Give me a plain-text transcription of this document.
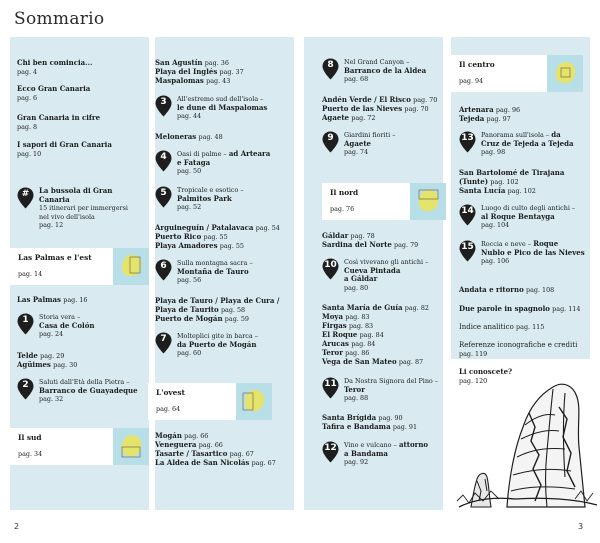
Sommario
Chi ben comincia...
pag. 4
Ecco Gran Canaria
pag. 6
Gran Canaria in cifre
pag. 8
I sapori di Gran Canaria
pag. 10
#	La bussola di Gran Canaria
15 itinerari per immergersi
nel vivo dell'isola
pag. 12
Las Palmas e l'est
pag. 14
Las Palmas pag. 16
1	Storia vera –
Casa de Colón
pag. 24
Telde pag. 29
Agüimes pag. 30
2	Saluti dall'Età della Pietra –
Barranco de Guayadeque
pag. 32
Il sud
pag. 34
San Agustín pag. 36
Playa del Inglés pag. 37
Maspalomas pag. 43
3	All'estremo sud dell'isola –
le dune di Maspalomas
pag. 44
Meloneras pag. 48
4	Oasi di palme – ad Arteara
e Fataga
pag. 50
5	Tropicale e esotico –
Palmitos Park
pag. 52
Arguineguín / Patalavaca pag. 54
Puerto Rico pag. 55
Playa Amadores pag. 55
6	Sulla montagna sacra –
Montaña de Tauro
pag. 56
Playa de Tauro / Playa de Cura /
Playa de Taurito pag. 58
Puerto de Mogán pag. 59
7	Molteplici gite in barca –
da Puerto de Mogán
pag. 60
L'ovest
pag. 64
Mogán pag. 66
Veneguera pag. 66
Tasarte / Tasartico pag. 67
La Aldea de San Nicolás pag. 67
8	Nel Grand Canyon –
Barranco de la Aldea
pag. 68
Andén Verde / El Risco pag. 70
Puerto de las Nieves pag. 70
Agaete pag. 72
9	Giardini fioriti –
Agaete
pag. 74
Il nord
pag. 76
Gáldar pag. 78
Sardina del Norte pag. 79
10	Così vivevano gli antichi –
Cueva Pintada
a Gáldar
pag. 80
Santa María de Guía pag. 82
Moya pag. 83
Firgas pag. 83
El Roque pag. 84
Arucas pag. 84
Teror pag. 86
Vega de San Mateo pag. 87
11	Da Nostra Signora del Pino –
Teror
pag. 88
Santa Brígida pag. 90
Tafira e Bandama pag. 91
12	Vino e vulcano – attorno
a Bandama
pag. 92
Il centro
pag. 94
Artenara pag. 96
Tejeda pag. 97
13	Panorama sull'isola – da
Cruz de Tejeda a Tejeda
pag. 98
San Bartolomé de Tirajana
(Tunte) pag. 102
Santa Lucía pag. 102
14	Luogo di culto degli antichi –
al Roque Bentayga
pag. 104
15	Roccia e neve – Roque
Nublo e Pico de las Nieves
pag. 106
Andata e ritorno pag. 108
Due parole in spagnolo pag. 114
Indice analitico pag. 115
Referenze iconografiche e crediti
pag. 119
Li conoscete?
pag. 120
2	3
